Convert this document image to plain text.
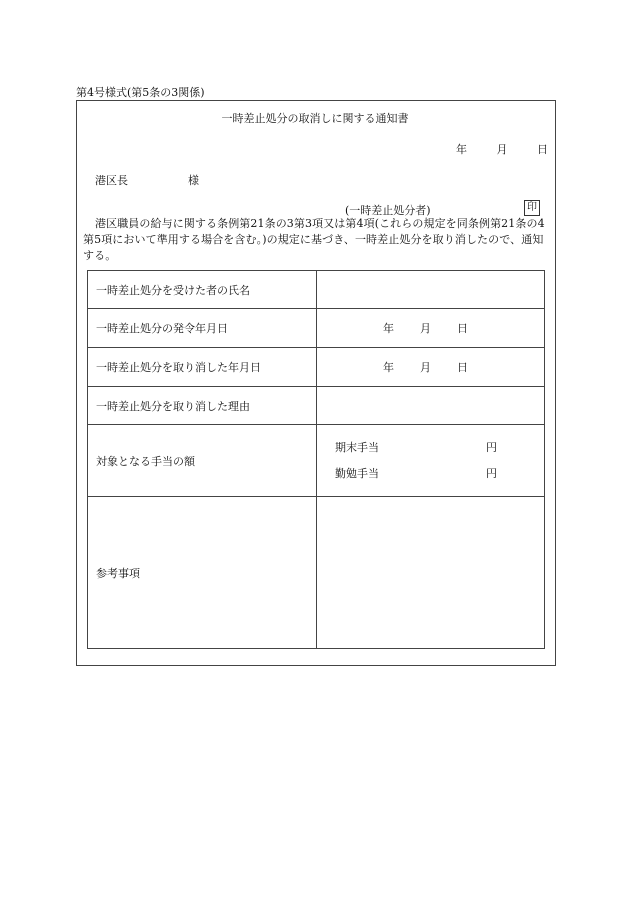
第4号様式(第5条の3関係)
一時差止処分の取消しに関する通知書
年	月	日
港区長	様
(一時差止処分者)	印
港区職員の給与に関する条例第21条の3第3項又は第4項(これらの規定を同条例第21条の4第5項において準用する場合を含む。)の規定に基づき、一時差止処分を取り消したので、通知する。
一時差止処分を受けた者の氏名	
一時差止処分の発令年月日	年 月 日

一時差止処分を取り消した年月日	年 月 日

一時差止処分を取り消した理由	
対象となる手当の額	期末手当 円
勤勉手当 円

参考事項	
